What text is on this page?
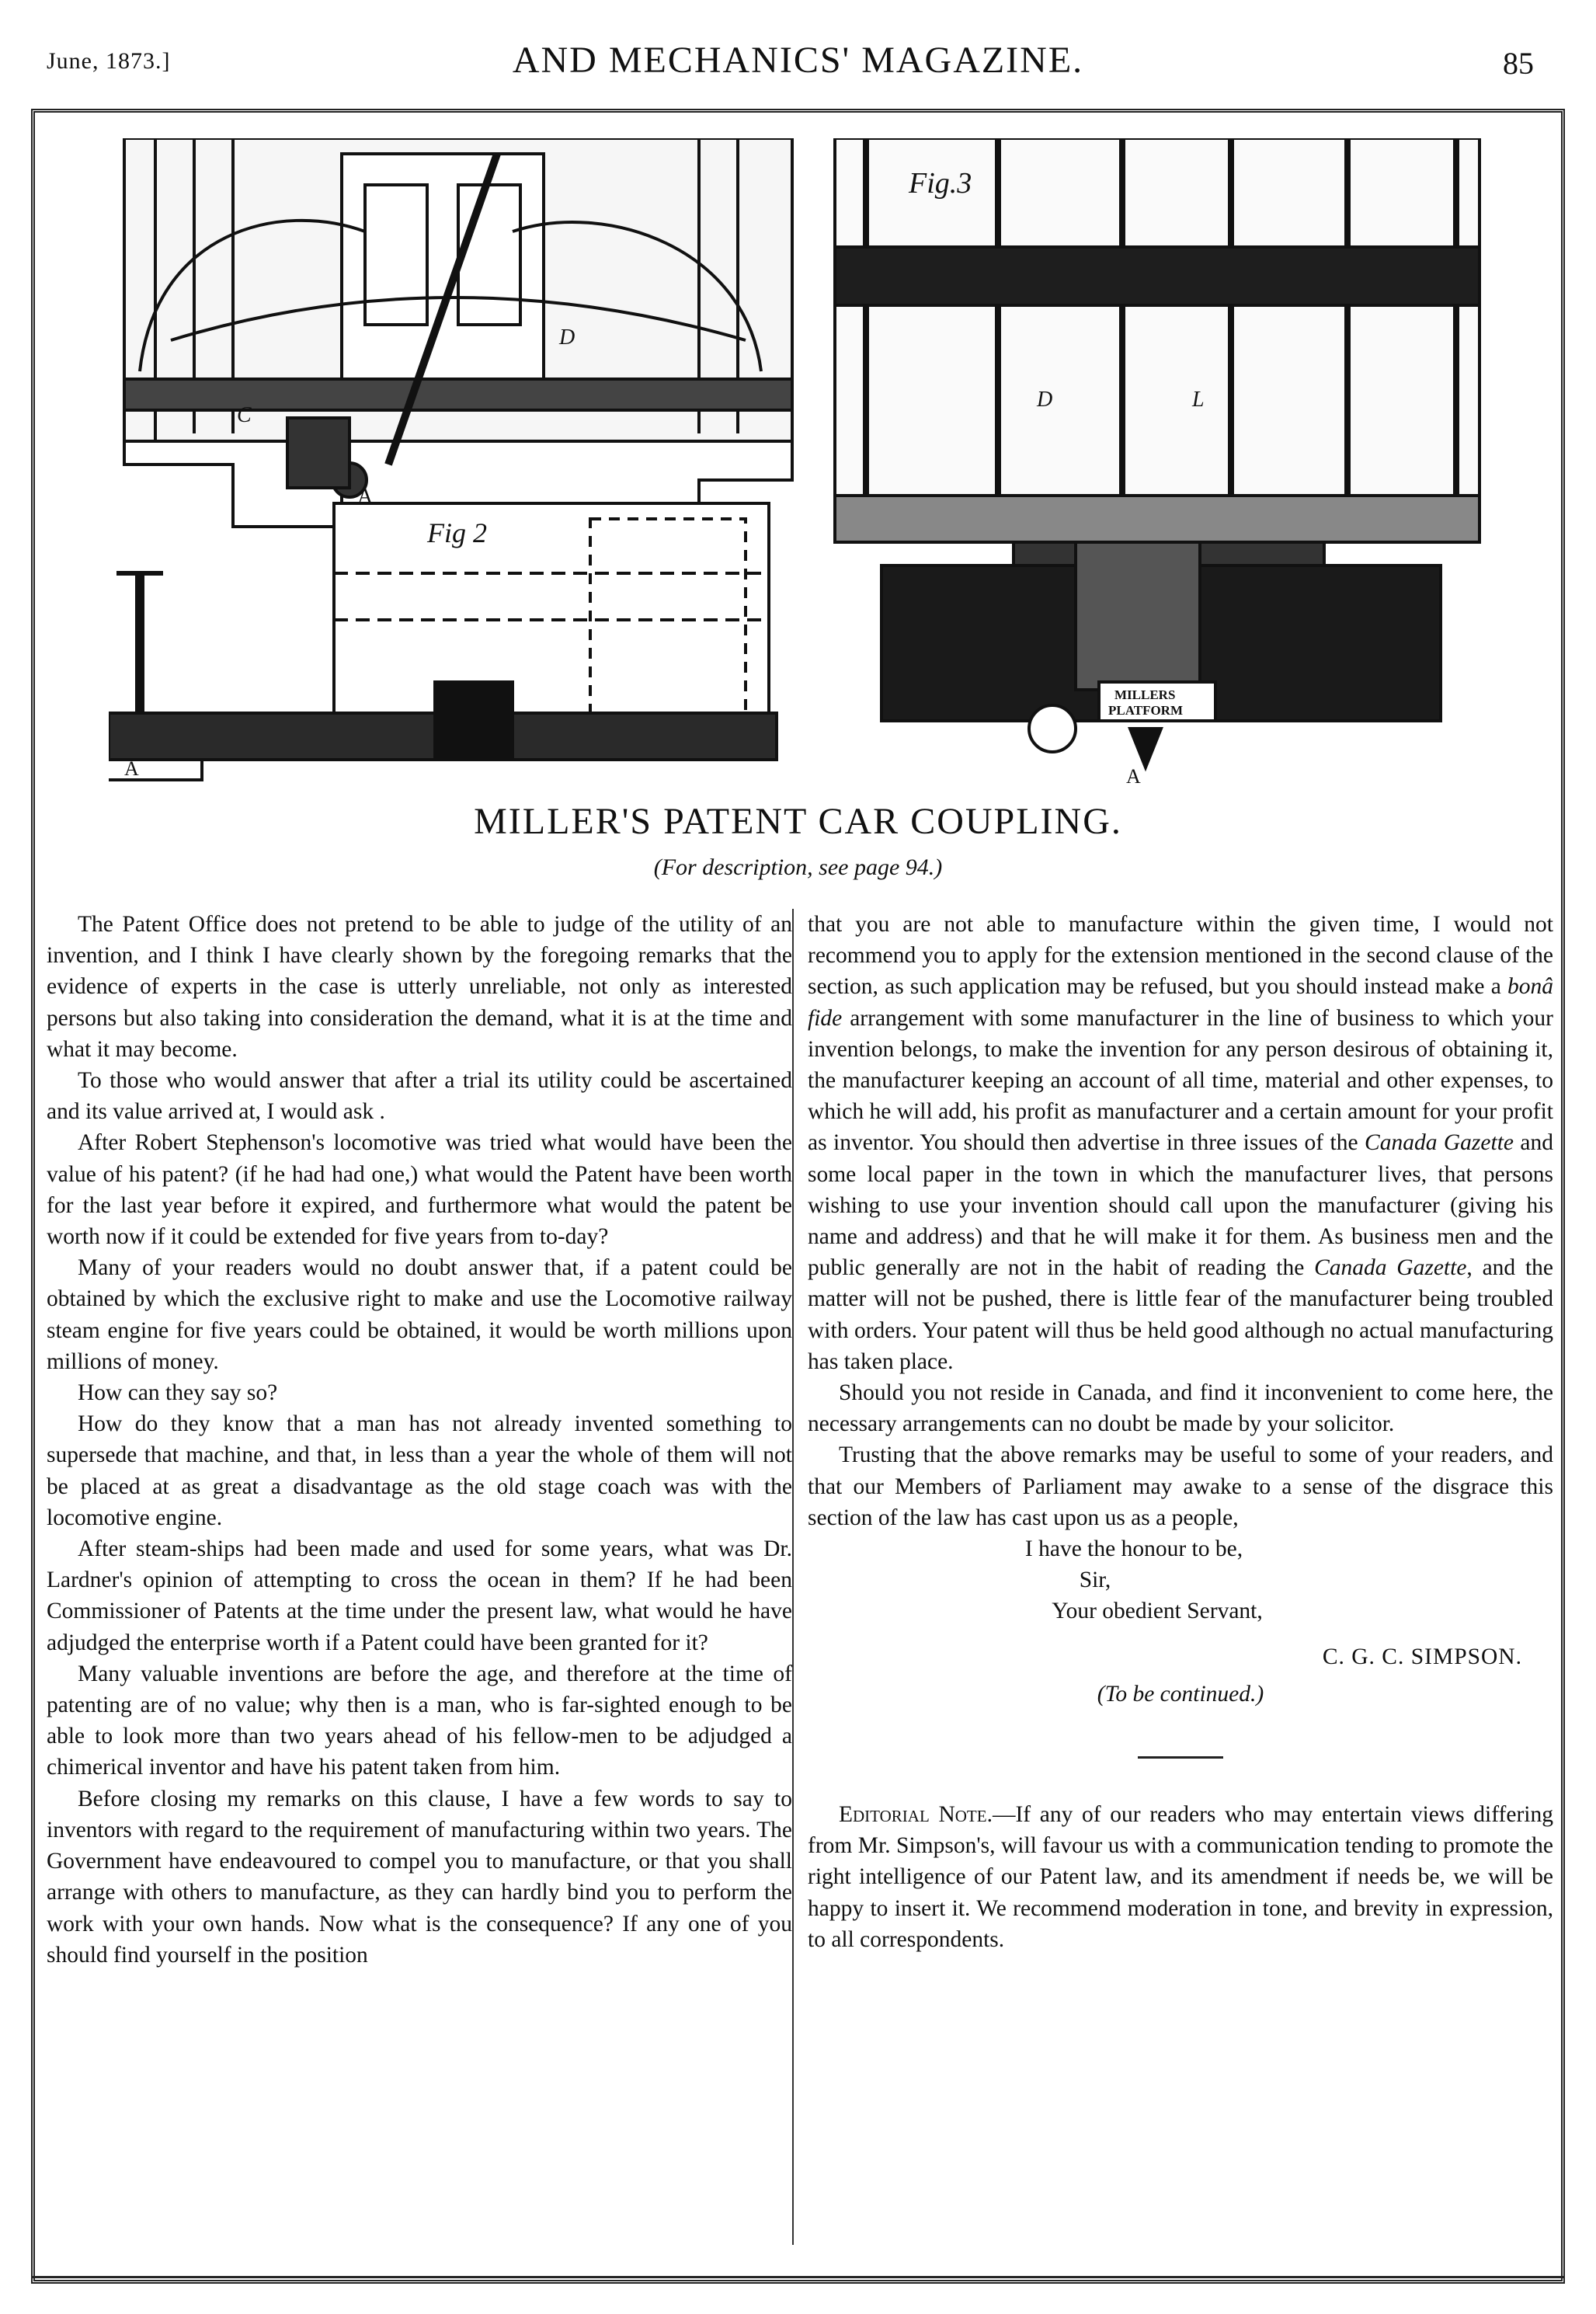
June, 1873.]	AND MECHANICS' MAGAZINE.	85
C
A
A
D
Fig 2
Fig.3
D	L
MILLERS
PLATFORM
A
MILLER'S PATENT CAR COUPLING.
(For description, see page 94.)

The Patent Office does not pretend to be able to judge of the utility of an invention, and I think I have clearly shown by the foregoing remarks that the evidence of experts in the case is utterly unreliable, not only as interested persons but also taking into consideration the demand, what it is at the time and what it may become.

To those who would answer that after a trial its utility could be ascertained and its value arrived at, I would ask .

After Robert Stephenson's locomotive was tried what would have been the value of his patent? (if he had had one,) what would the Patent have been worth for the last year before it expired, and furthermore what would the patent be worth now if it could be extended for five years from to-day?

Many of your readers would no doubt answer that, if a patent could be obtained by which the exclusive right to make and use the Locomotive railway steam engine for five years could be obtained, it would be worth millions upon millions of money.

How can they say so?

How do they know that a man has not already invented something to supersede that machine, and that, in less than a year the whole of them will not be placed at as great a disadvantage as the old stage coach was with the locomotive engine.

After steam-ships had been made and used for some years, what was Dr. Lardner's opinion of attempting to cross the ocean in them? If he had been Commissioner of Patents at the time under the present law, what would he have adjudged the enterprise worth if a Patent could have been granted for it?

Many valuable inventions are before the age, and therefore at the time of patenting are of no value; why then is a man, who is far-sighted enough to be able to look more than two years ahead of his fellow-men to be adjudged a chimerical inventor and have his patent taken from him.

Before closing my remarks on this clause, I have a few words to say to inventors with regard to the requirement of manufacturing within two years. The Government have endeavoured to compel you to manufacture, or that you shall arrange with others to manufacture, as they can hardly bind you to perform the work with your own hands. Now what is the consequence? If any one of you should find yourself in the position

that you are not able to manufacture within the given time, I would not recommend you to apply for the extension mentioned in the second clause of the section, as such application may be refused, but you should instead make a bonâ fide arrangement with some manufacturer in the line of business to which your invention belongs, to make the invention for any person desirous of obtaining it, the manufacturer keeping an account of all time, material and other expenses, to which he will add, his profit as manufacturer and a certain amount for your profit as inventor. You should then advertise in three issues of the Canada Gazette and some local paper in the town in which the manufacturer lives, that persons wishing to use your invention should call upon the manufacturer (giving his name and address) and that he will make it for them. As business men and the public generally are not in the habit of reading the Canada Gazette, and the matter will not be pushed, there is little fear of the manufacturer being troubled with orders. Your patent will thus be held good although no actual manufacturing has taken place.

Should you not reside in Canada, and find it inconvenient to come here, the necessary arrangements can no doubt be made by your solicitor.

Trusting that the above remarks may be useful to some of your readers, and that our Members of Parliament may awake to a sense of the disgrace this section of the law has cast upon us as a people,

I have the honour to be,

Sir,

Your obedient Servant,

C. G. C. SIMPSON.

(To be continued.)

Editorial Note.—If any of our readers who may entertain views differing from Mr. Simpson's, will favour us with a communication tending to promote the right intelligence of our Patent law, and its amendment if needs be, we will be happy to insert it. We recommend moderation in tone, and brevity in expression, to all correspondents.
